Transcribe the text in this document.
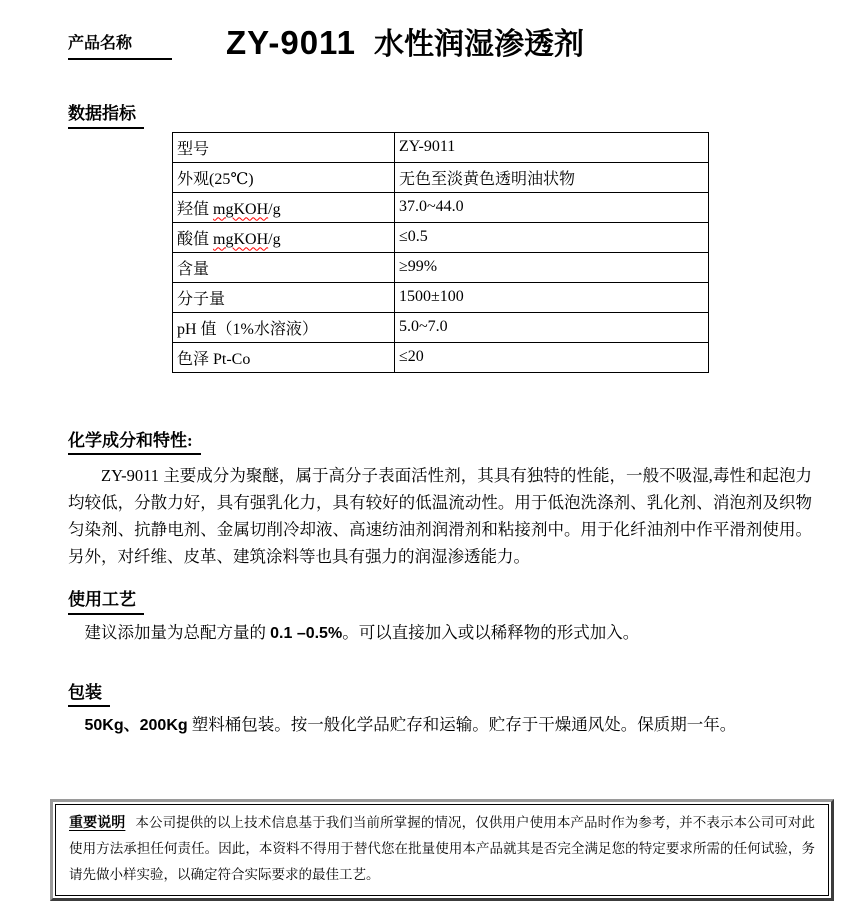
产品名称	ZY-9011 水性润湿渗透剂
数据指标
型号	ZY-9011
外观(25℃)	无色至淡黄色透明油状物
羟值 mgKOH/g	37.0~44.0
酸值 mgKOH/g	≤0.5
含量	≥99%
分子量	1500±100
pH 值（1%水溶液）	5.0~7.0
色泽 Pt-Co	≤20
化学成分和特性:

ZY-9011 主要成分为聚醚，属于高分子表面活性剂，其具有独特的性能，一般不吸湿,毒性和起泡力均较低，分散力好，具有强乳化力，具有较好的低温流动性。用于低泡洗涤剂、乳化剂、消泡剂及织物匀染剂、抗静电剂、金属切削冷却液、高速纺油剂润滑剂和粘接剂中。用于化纤油剂中作平滑剂使用。另外，对纤维、皮革、建筑涂料等也具有强力的润湿渗透能力。

使用工艺

建议添加量为总配方量的 0.1 –0.5%。可以直接加入或以稀释物的形式加入。

包装

50Kg、200Kg 塑料桶包装。按一般化学品贮存和运输。贮存于干燥通风处。保质期一年。

重要说明 本公司提供的以上技术信息基于我们当前所掌握的情况，仅供用户使用本产品时作为参考，并不表示本公司可对此使用方法承担任何责任。因此，本资料不得用于替代您在批量使用本产品就其是否完全满足您的特定要求所需的任何试验，务请先做小样实验，以确定符合实际要求的最佳工艺。
